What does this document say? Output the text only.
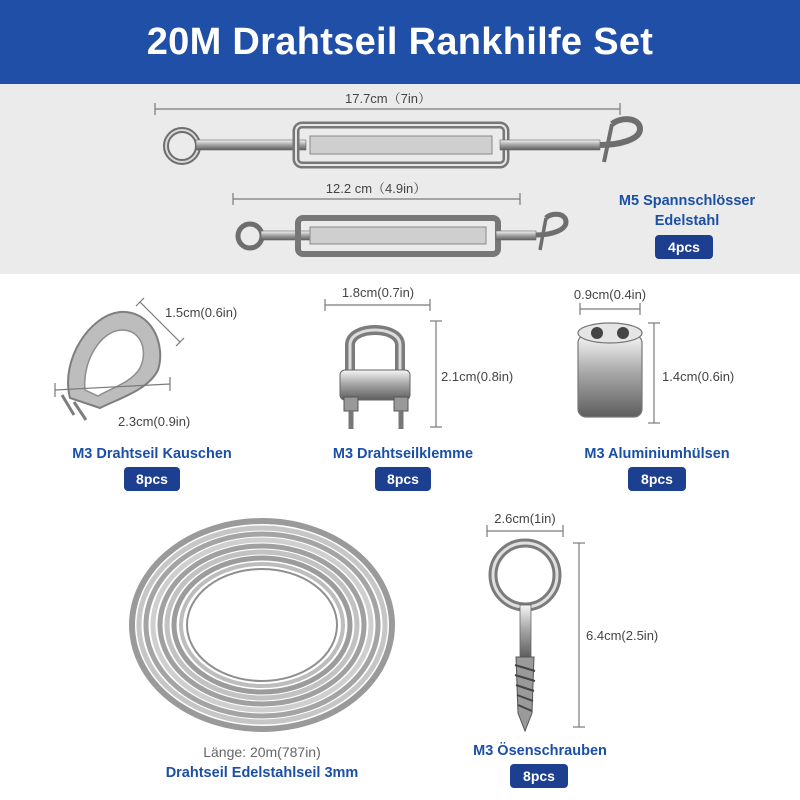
20M Drahtseil Rankhilfe Set
17.7cm（7in）
12.2 cm（4.9in）
M5 Spannschlösser
Edelstahl
4pcs
1.5cm(0.6in)
2.3cm(0.9in)
M3 Drahtseil Kauschen
8pcs
1.8cm(0.7in)
2.1cm(0.8in)
M3 Drahtseilklemme
8pcs
0.9cm(0.4in)
1.4cm(0.6in)
M3 Aluminiumhülsen
8pcs
Länge: 20m(787in)
Drahtseil Edelstahlseil 3mm
2.6cm(1in)
6.4cm(2.5in)
M3 Ösenschrauben
8pcs
